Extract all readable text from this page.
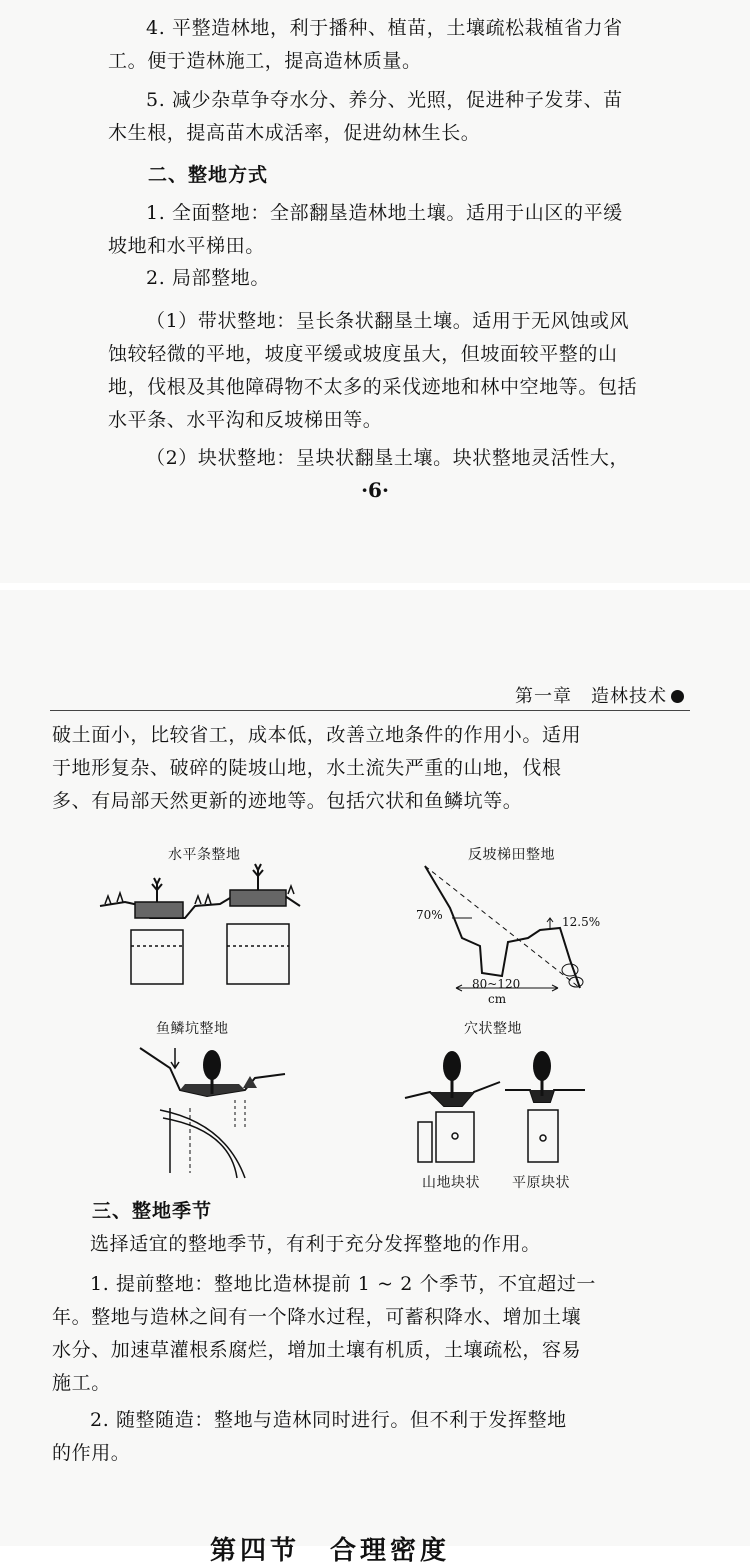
4. 平整造林地，利于播种、植苗，土壤疏松栽植省力省
工。便于造林施工，提高造林质量。

5. 减少杂草争夺水分、养分、光照，促进种子发芽、苗
木生根，提高苗木成活率，促进幼林生长。

二、整地方式

1. 全面整地：全部翻垦造林地土壤。适用于山区的平缓
坡地和水平梯田。

2. 局部整地。

（1）带状整地：呈长条状翻垦土壤。适用于无风蚀或风
蚀较轻微的平地，坡度平缓或坡度虽大，但坡面较平整的山
地，伐根及其他障碍物不太多的采伐迹地和林中空地等。包括
水平条、水平沟和反坡梯田等。

（2）块状整地：呈块状翻垦土壤。块状整地灵活性大，

·6·
第一章　造林技术

破土面小，比较省工，成本低，改善立地条件的作用小。适用
于地形复杂、破碎的陡坡山地，水土流失严重的山地，伐根
多、有局部天然更新的迹地等。包括穴状和鱼鳞坑等。

水平条整地	反坡梯田整地
70%	12.5%
80~120
cm
鱼鳞坑整地	穴状整地
山地块状 平原块状
三、整地季节

选择适宜的整地季节，有利于充分发挥整地的作用。

1. 提前整地：整地比造林提前 1 ~ 2 个季节，不宜超过一
年。整地与造林之间有一个降水过程，可蓄积降水、增加土壤
水分、加速草灌根系腐烂，增加土壤有机质，土壤疏松，容易
施工。

2. 随整随造：整地与造林同时进行。但不利于发挥整地
的作用。

第四节　合理密度
